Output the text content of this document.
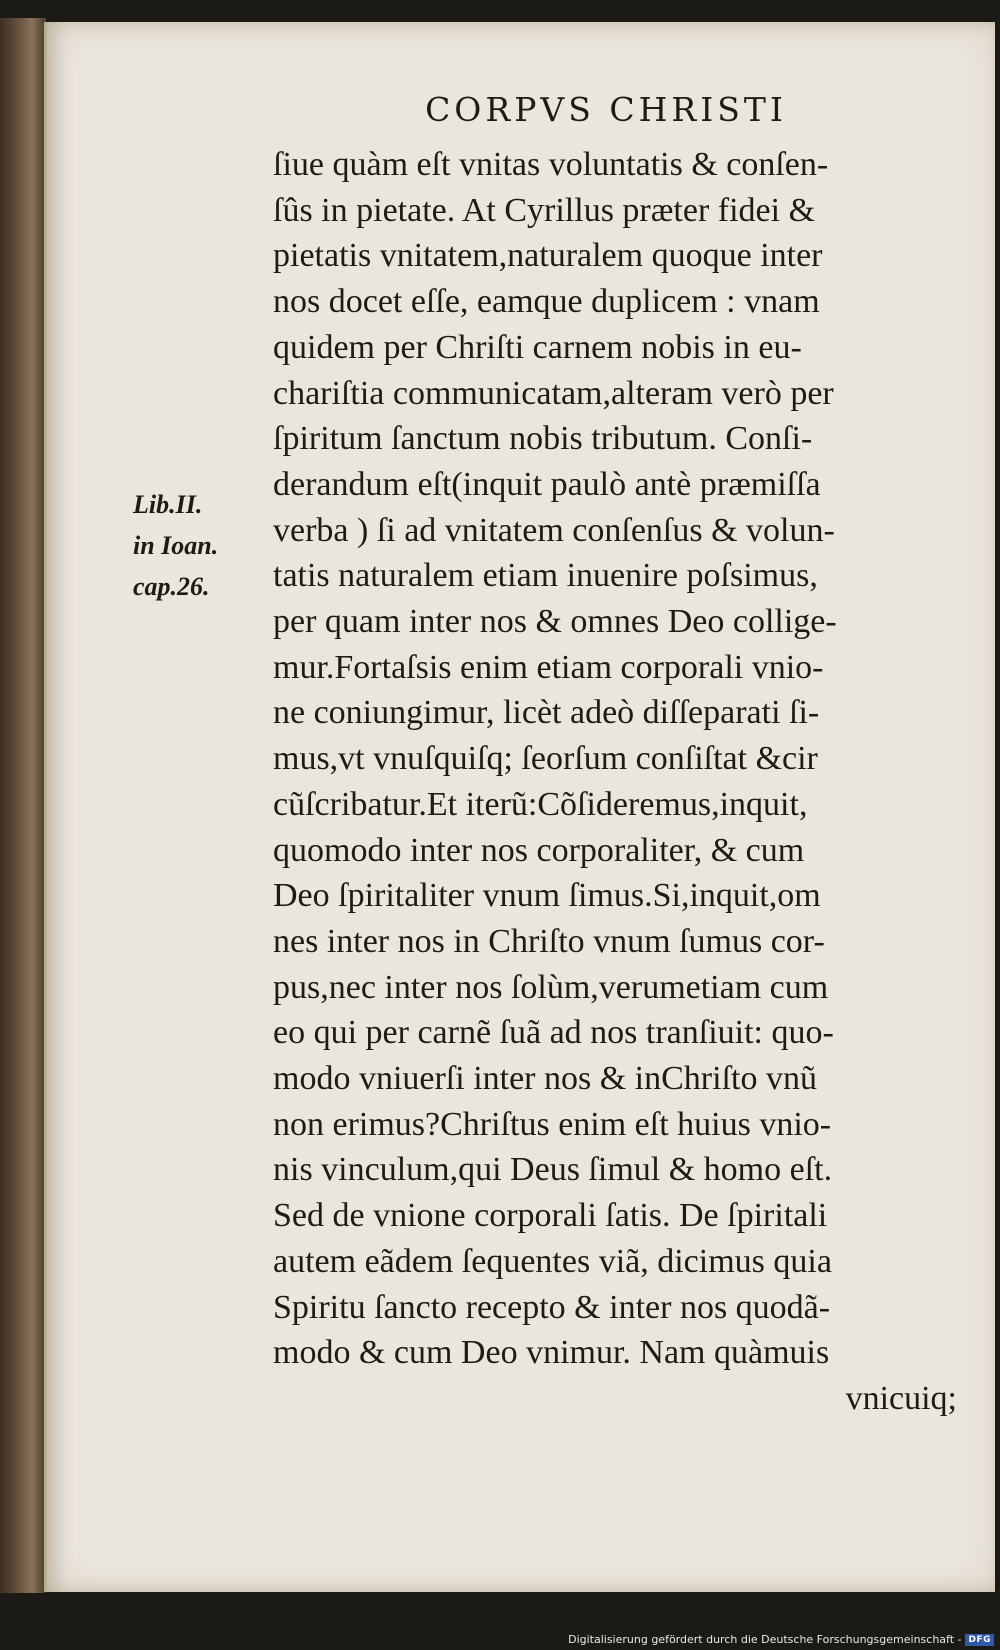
CORPVS CHRISTI
Lib.II.
in Ioan.
cap.26.
ſiue quàm eſt vnitas voluntatis & conſen-
ſûs in pietate. At Cyrillus præter fidei &
pietatis vnitatem,naturalem quoque inter
nos docet eſſe, eamque duplicem : vnam
quidem per Chriſti carnem nobis in eu-
chariſtia communicatam,alteram verò per
ſpiritum ſanctum nobis tributum. Conſi-
derandum eſt(inquit paulò antè præmiſſa
verba ) ſi ad vnitatem conſenſus & volun-
tatis naturalem etiam inuenire poſsimus,
per quam inter nos & omnes Deo collige-
mur.Fortaſsis enim etiam corporali vnio-
ne coniungimur, licèt adeò diſſeparati ſi-
mus,vt vnuſquiſq; ſeorſum conſiſtat &cir
cũſcribatur.Et iterũ:Cõſideremus,inquit,
quomodo inter nos corporaliter, & cum
Deo ſpiritaliter vnum ſimus.Si,inquit,om
nes inter nos in Chriſto vnum ſumus cor-
pus,nec inter nos ſolùm,verumetiam cum
eo qui per carnẽ ſuã ad nos tranſiuit: quo-
modo vniuerſi inter nos & inChriſto vnũ
non erimus?Chriſtus enim eſt huius vnio-
nis vinculum,qui Deus ſimul & homo eſt.
Sed de vnione corporali ſatis. De ſpiritali
autem eãdem ſequentes viã, dicimus quia
Spiritu ſancto recepto & inter nos quodã-
modo & cum Deo vnimur. Nam quàmuis
vnicuiq;
Digitalisierung gefördert durch die Deutsche Forschungsgemeinschaft - DFG
